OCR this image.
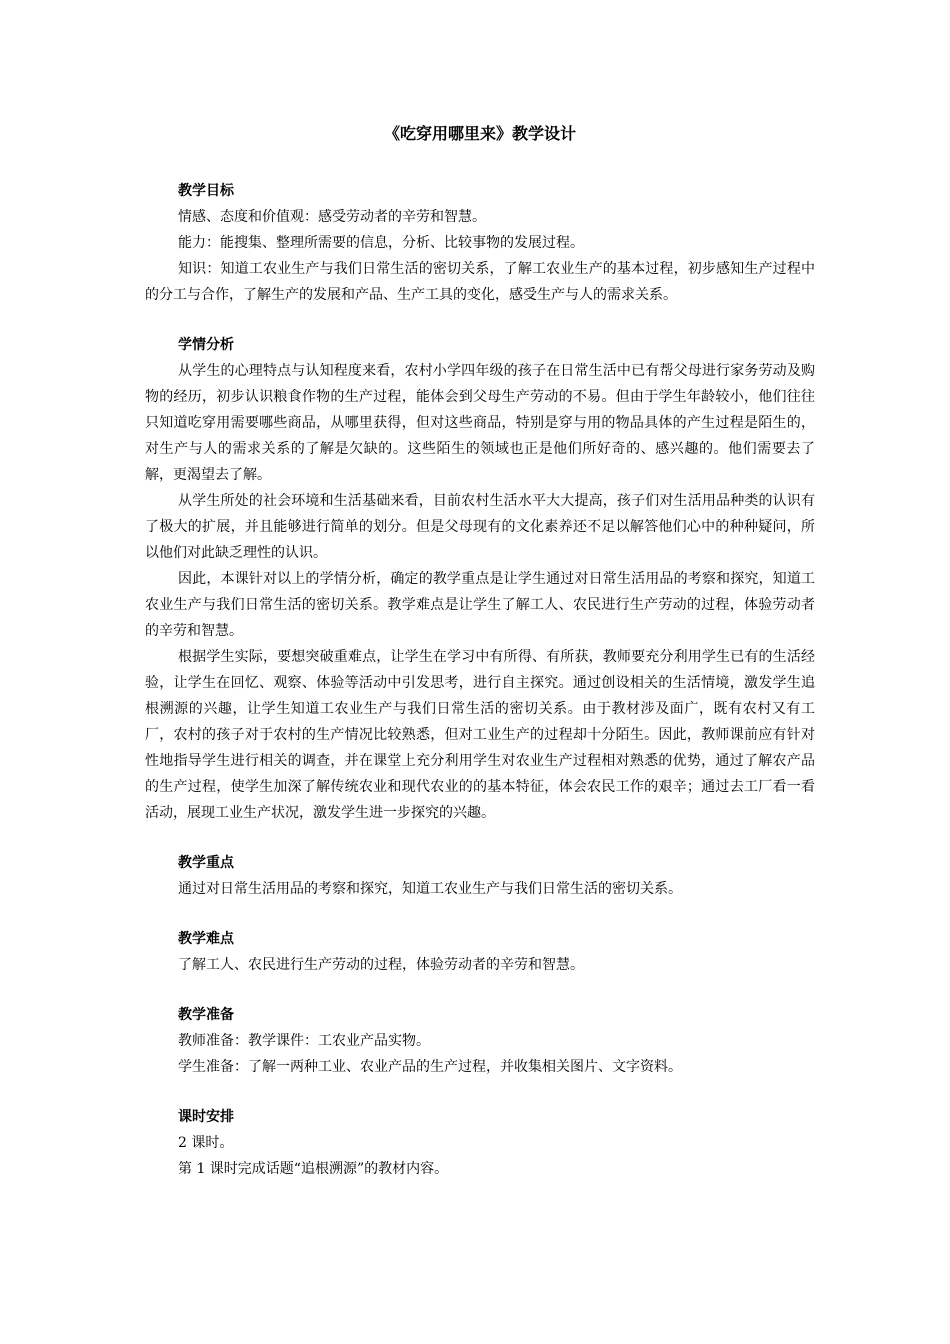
《吃穿用哪里来》教学设计
教学目标

情感、态度和价值观：感受劳动者的辛劳和智慧。

能力：能搜集、整理所需要的信息，分析、比较事物的发展过程。

知识：知道工农业生产与我们日常生活的密切关系，了解工农业生产的基本过程，初步感知生产过程中的分工与合作，了解生产的发展和产品、生产工具的变化，感受生产与人的需求关系。

学情分析

从学生的心理特点与认知程度来看，农村小学四年级的孩子在日常生活中已有帮父母进行家务劳动及购物的经历，初步认识粮食作物的生产过程，能体会到父母生产劳动的不易。但由于学生年龄较小，他们往往只知道吃穿用需要哪些商品，从哪里获得，但对这些商品，特别是穿与用的物品具体的产生过程是陌生的，对生产与人的需求关系的了解是欠缺的。这些陌生的领域也正是他们所好奇的、感兴趣的。他们需要去了解，更渴望去了解。

从学生所处的社会环境和生活基础来看，目前农村生活水平大大提高，孩子们对生活用品种类的认识有了极大的扩展，并且能够进行简单的划分。但是父母现有的文化素养还不足以解答他们心中的种种疑问，所以他们对此缺乏理性的认识。

因此，本课针对以上的学情分析，确定的教学重点是让学生通过对日常生活用品的考察和探究，知道工农业生产与我们日常生活的密切关系。教学难点是让学生了解工人、农民进行生产劳动的过程，体验劳动者的辛劳和智慧。

根据学生实际，要想突破重难点，让学生在学习中有所得、有所获，教师要充分利用学生已有的生活经验，让学生在回忆、观察、体验等活动中引发思考，进行自主探究。通过创设相关的生活情境，激发学生追根溯源的兴趣，让学生知道工农业生产与我们日常生活的密切关系。由于教材涉及面广，既有农村又有工厂，农村的孩子对于农村的生产情况比较熟悉，但对工业生产的过程却十分陌生。因此，教师课前应有针对性地指导学生进行相关的调查，并在课堂上充分利用学生对农业生产过程相对熟悉的优势，通过了解农产品的生产过程，使学生加深了解传统农业和现代农业的的基本特征，体会农民工作的艰辛；通过去工厂看一看活动，展现工业生产状况，激发学生进一步探究的兴趣。

教学重点

通过对日常生活用品的考察和探究，知道工农业生产与我们日常生活的密切关系。

教学难点

了解工人、农民进行生产劳动的过程，体验劳动者的辛劳和智慧。

教学准备

教师准备：教学课件：工农业产品实物。

学生准备：了解一两种工业、农业产品的生产过程，并收集相关图片、文字资料。

课时安排

2 课时。

第 1 课时完成话题“追根溯源”的教材内容。
